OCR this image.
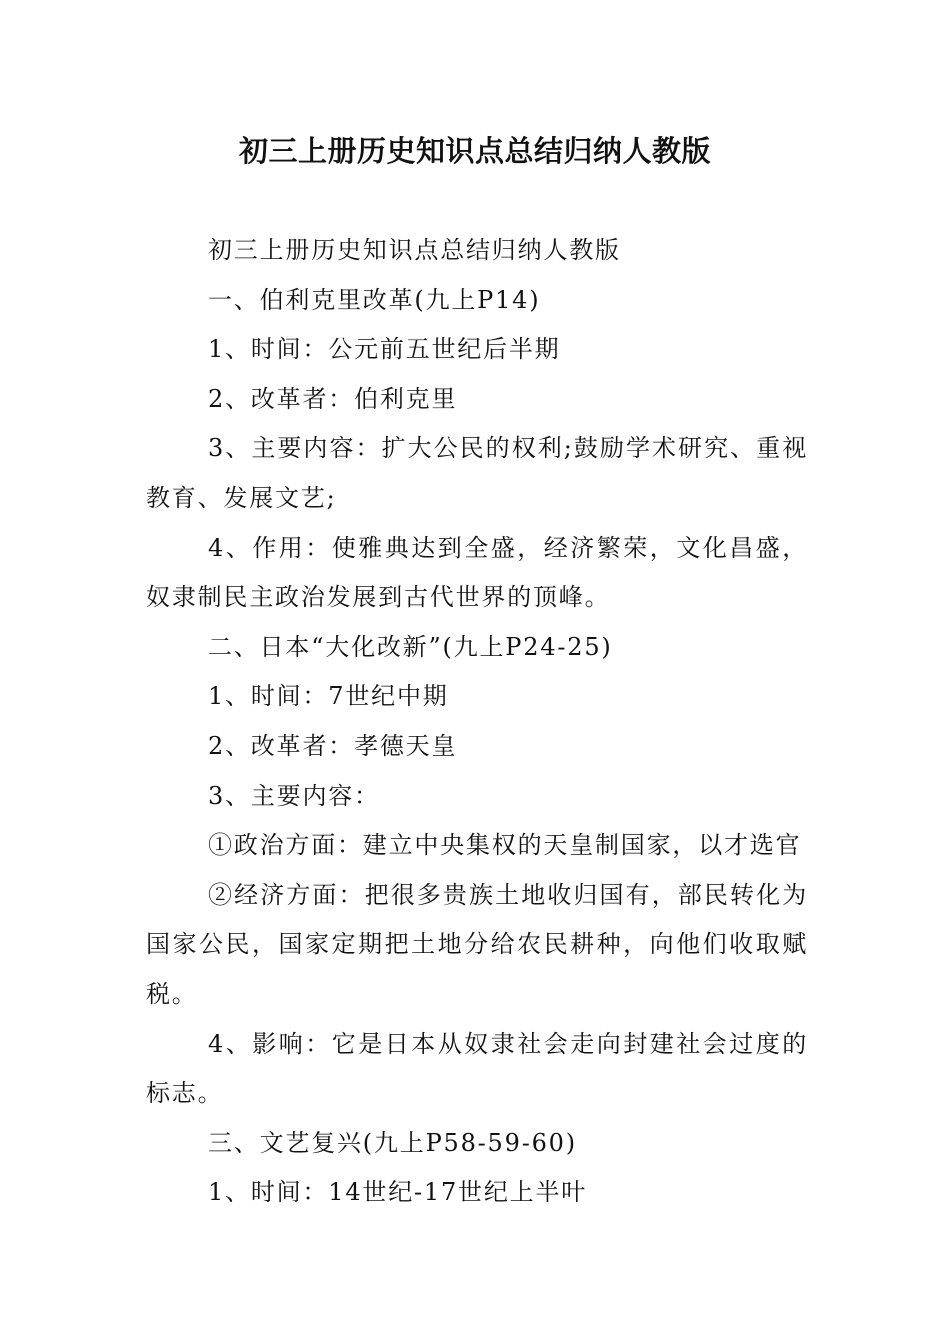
初三上册历史知识点总结归纳人教版

初三上册历史知识点总结归纳人教版

一、伯利克里改革(九上P14)

1、时间：公元前五世纪后半期

2、改革者：伯利克里

3、主要内容：扩大公民的权利;鼓励学术研究、重视教育、发展文艺;

4、作用：使雅典达到全盛，经济繁荣，文化昌盛，奴隶制民主政治发展到古代世界的顶峰。

二、日本“大化改新”(九上P24-25)

1、时间：7世纪中期

2、改革者：孝德天皇

3、主要内容：

①政治方面：建立中央集权的天皇制国家，以才选官

②经济方面：把很多贵族土地收归国有，部民转化为国家公民，国家定期把土地分给农民耕种，向他们收取赋税。

4、影响：它是日本从奴隶社会走向封建社会过度的标志。

三、文艺复兴(九上P58-59-60)

1、时间：14世纪-17世纪上半叶
